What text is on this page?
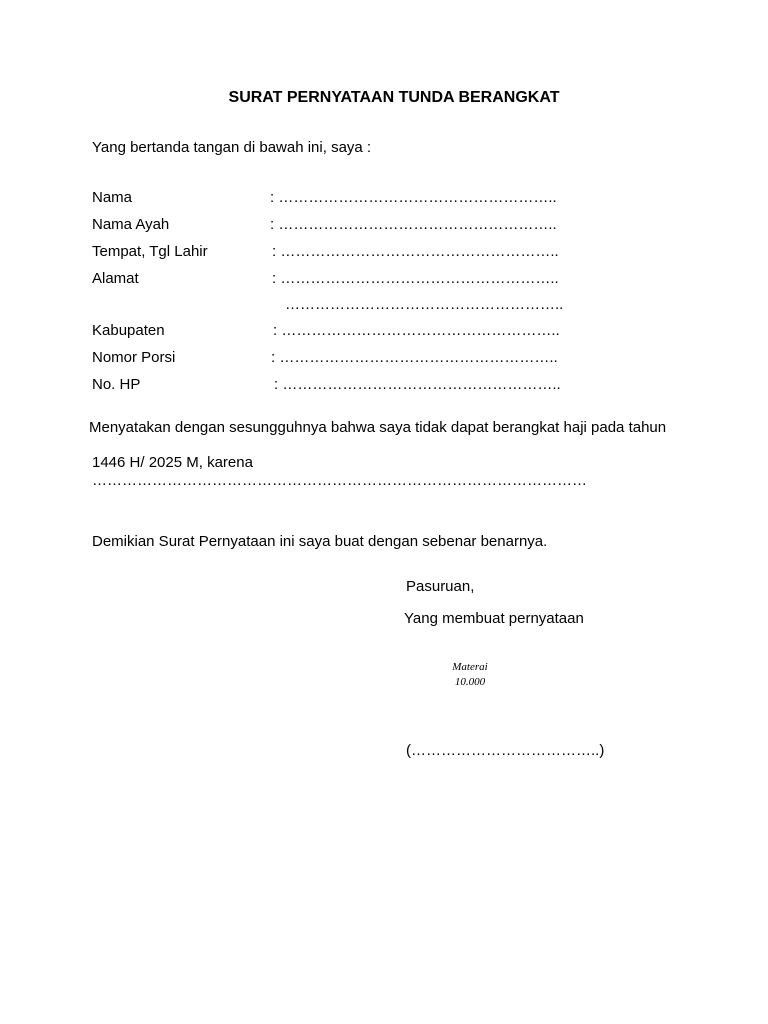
SURAT PERNYATAAN TUNDA BERANGKAT
Yang bertanda tangan di bawah ini, saya :
Nama	: ………………………………………………..
Nama Ayah	: ………………………………………………..
Tempat, Tgl Lahir	: ………………………………………………..
Alamat	: ………………………………………………..
………………………………………………..
Kabupaten	: ………………………………………………..
Nomor Porsi	: ………………………………………………..
No. HP	: ………………………………………………..
Menyatakan dengan sesungguhnya bahwa saya tidak dapat berangkat haji pada tahun
1446 H/ 2025 M, karena
………………………………………………………………………………………
Demikian Surat Pernyataan ini saya buat dengan sebenar benarnya.
Pasuruan,
Yang membuat pernyataan
Materai
10.000
(………………………………..)
